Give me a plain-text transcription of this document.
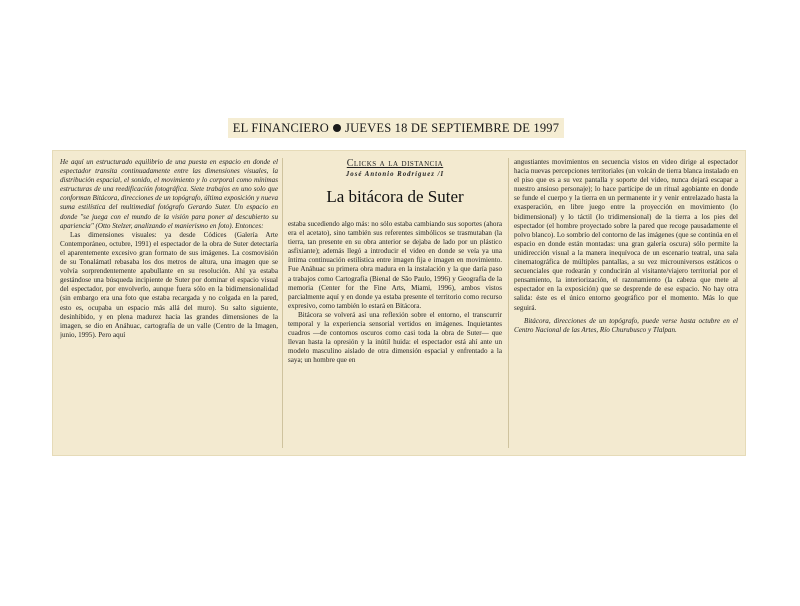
EL FINANCIERO JUEVES 18 DE SEPTIEMBRE DE 1997

He aquí un estructurado equilibrio de una puesta en espacio en donde el espectador transita continuadamente entre las dimensiones visuales, la distribución espacial, el sonido, el movimiento y lo corporal como mínimas estructuras de una reedificación fotográfica. Siete trabajos en uno solo que conforman Bitácora, direcciones de un topógrafo, última exposición y nueva suma estilística del multimedial fotógrafo Gerardo Suter. Un espacio en donde "se juega con el mundo de la visión para poner al descubierto su apariencia" (Otto Stelzer, analizando el manierismo en foto). Entonces:

Las dimensiones visuales: ya desde Códices (Galería Arte Contemporáneo, octubre, 1991) el espectador de la obra de Suter detectaría el aparentemente excesivo gran formato de sus imágenes. La cosmovisión de su Tonalámatl rebasaba los dos metros de altura, una imagen que se volvía sorprendentemente apabullante en su resolución. Ahí ya estaba gestándose una búsqueda incipiente de Suter por dominar el espacio visual del espectador, por envolverlo, aunque fuera sólo en la bidimensionalidad (sin embargo era una foto que estaba recargada y no colgada en la pared, esto es, ocupaba un espacio más allá del muro). Su salto siguiente, desinhibido, y en plena madurez hacia las grandes dimensiones de la imagen, se dio en Anáhuac, cartografía de un valle (Centro de la Imagen, junio, 1995). Pero aquí

Clicks a la distancia
José Antonio Rodríguez /I
La bitácora de Suter

estaba sucediendo algo más: no sólo estaba cambiando sus soportes (ahora era el acetato), sino también sus referentes simbólicos se trasmutaban (la tierra, tan presente en su obra anterior se dejaba de lado por un plástico asfixiante); además llegó a introducir el video en donde se veía ya una íntima continuación estilística entre imagen fija e imagen en movimiento. Fue Anáhuac su primera obra madura en la instalación y la que daría paso a trabajos como Cartografía (Bienal de São Paulo, 1996) y Geografía de la memoria (Center for the Fine Arts, Miami, 1996), ambos vistos parcialmente aquí y en donde ya estaba presente el territorio como recurso expresivo, como también lo estará en Bitácora.

Bitácora se volverá así una reflexión sobre el entorno, el transcurrir temporal y la experiencia sensorial vertidos en imágenes. Inquietantes cuadros —de contornos oscuros como casi toda la obra de Suter— que llevan hasta la opresión y la inútil huida: el espectador está ahí ante un modelo masculino aislado de otra dimensión espacial y enfrentado a la saya; un hombre que en

angustiantes movimientos en secuencia vistos en video dirige al espectador hacia nuevas percepciones territoriales (un volcán de tierra blanca instalado en el piso que es a su vez pantalla y soporte del video, nunca dejará escapar a nuestro ansioso personaje); lo hace partícipe de un ritual agobiante en donde se funde el cuerpo y la tierra en un permanente ir y venir entrelazado hasta la exasperación, en libre juego entre la proyección en movimiento (lo bidimensional) y lo táctil (lo tridimensional) de la tierra a los pies del espectador (el hombre proyectado sobre la pared que recoge pausadamente el polvo blanco). Lo sombrío del contorno de las imágenes (que se continúa en el espacio en donde están montadas: una gran galería oscura) sólo permite la unidirección visual a la manera inequívoca de un escenario teatral, una sala cinematográfica de múltiples pantallas, a su vez microuniversos estáticos o secuenciales que rodearán y conducirán al visitante/viajero territorial por el pensamiento, la interiorización, el razonamiento (la cabeza que mete al espectador en la exposición) que se desprende de ese espacio. No hay otra salida: éste es el único entorno geográfico por el momento. Más lo que seguirá.

Bitácora, direcciones de un topógrafo, puede verse hasta octubre en el Centro Nacional de las Artes, Río Churubusco y Tlalpan.
